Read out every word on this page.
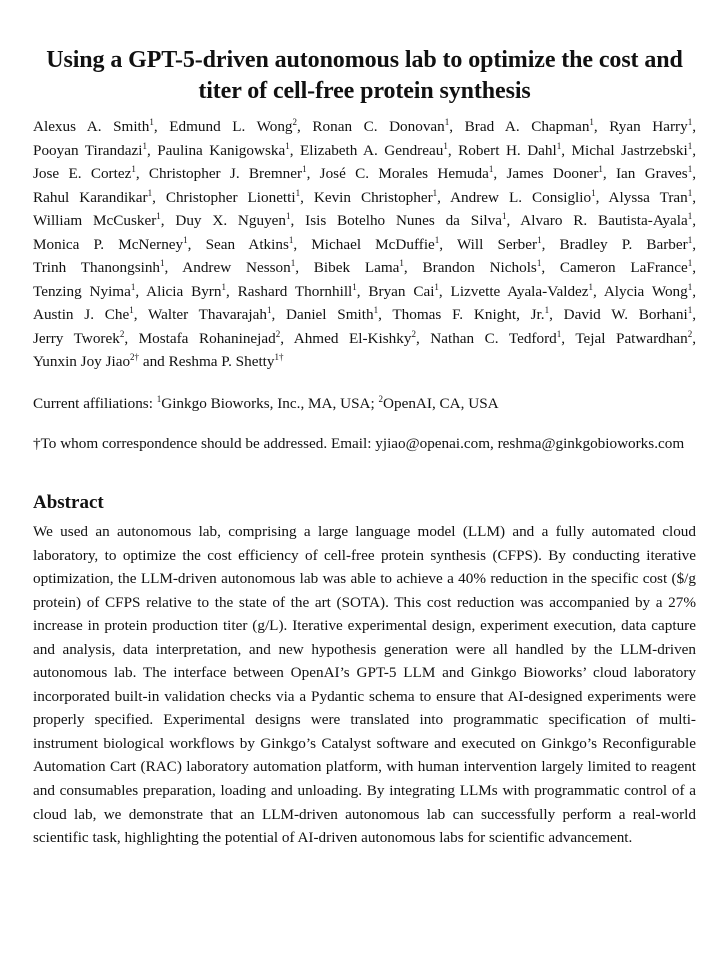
Using a GPT-5-driven autonomous lab to optimize the cost and titer of cell-free protein synthesis
Alexus A. Smith$^1$, Edmund L. Wong$^2$, Ronan C. Donovan$^1$, Brad A. Chapman$^1$, Ryan Harry$^1$, Pooyan Tirandazi$^1$, Paulina Kanigowska$^1$, Elizabeth A. Gendreau$^1$, Robert H. Dahl$^1$, Michal Jastrzebski$^1$, Jose E. Cortez$^1$, Christopher J. Bremner$^1$, José C. Morales Hemuda$^1$, James Dooner$^1$, Ian Graves$^1$, Rahul Karandikar$^1$, Christopher Lionetti$^1$, Kevin Christopher$^1$, Andrew L. Consiglio$^1$, Alyssa Tran$^1$, William McCusker$^1$, Duy X. Nguyen$^1$, Isis Botelho Nunes da Silva$^1$, Alvaro R. Bautista-Ayala$^1$, Monica P. McNerney$^1$, Sean Atkins$^1$, Michael McDuffie$^1$, Will Serber$^1$, Bradley P. Barber$^1$, Trinh Thanongsinh$^1$, Andrew Nesson$^1$, Bibek Lama$^1$, Brandon Nichols$^1$, Cameron LaFrance$^1$, Tenzing Nyima$^1$, Alicia Byrn$^1$, Rashard Thornhill$^1$, Bryan Cai$^1$, Lizvette Ayala-Valdez$^1$, Alycia Wong$^1$, Austin J. Che$^1$, Walter Thavarajah$^1$, Daniel Smith$^1$, Thomas F. Knight, Jr.$^1$, David W. Borhani$^1$, Jerry Tworek$^2$, Mostafa Rohaninejad$^2$, Ahmed El-Kishky$^2$, Nathan C. Tedford$^1$, Tejal Patwardhan$^2$, Yunxin Joy Jiao$^{2\dagger}$ and Reshma P. Shetty$^{1\dagger}$
Current affiliations: $^1$Ginkgo Bioworks, Inc., MA, USA; $^2$OpenAI, CA, USA
†To whom correspondence should be addressed. Email: yjiao@openai.com, reshma@ginkgobioworks.com
Abstract
We used an autonomous lab, comprising a large language model (LLM) and a fully automated cloud laboratory, to optimize the cost efficiency of cell-free protein synthesis (CFPS). By conducting iterative optimization, the LLM-driven autonomous lab was able to achieve a 40% reduction in the specific cost ($/g protein) of CFPS relative to the state of the art (SOTA). This cost reduction was accompanied by a 27% increase in protein production titer (g/L). Iterative experimental design, experiment execution, data capture and analysis, data interpretation, and new hypothesis generation were all handled by the LLM-driven autonomous lab. The interface between OpenAI’s GPT-5 LLM and Ginkgo Bioworks’ cloud laboratory incorporated built-in validation checks via a Pydantic schema to ensure that AI-designed experiments were properly specified. Experimental designs were translated into programmatic specification of multi-instrument biological workflows by Ginkgo’s Catalyst software and executed on Ginkgo’s Reconfigurable Automation Cart (RAC) laboratory automation platform, with human intervention largely limited to reagent and consumables preparation, loading and unloading. By integrating LLMs with programmatic control of a cloud lab, we demonstrate that an LLM-driven autonomous lab can successfully perform a real-world scientific task, highlighting the potential of AI-driven autonomous labs for scientific advancement.
